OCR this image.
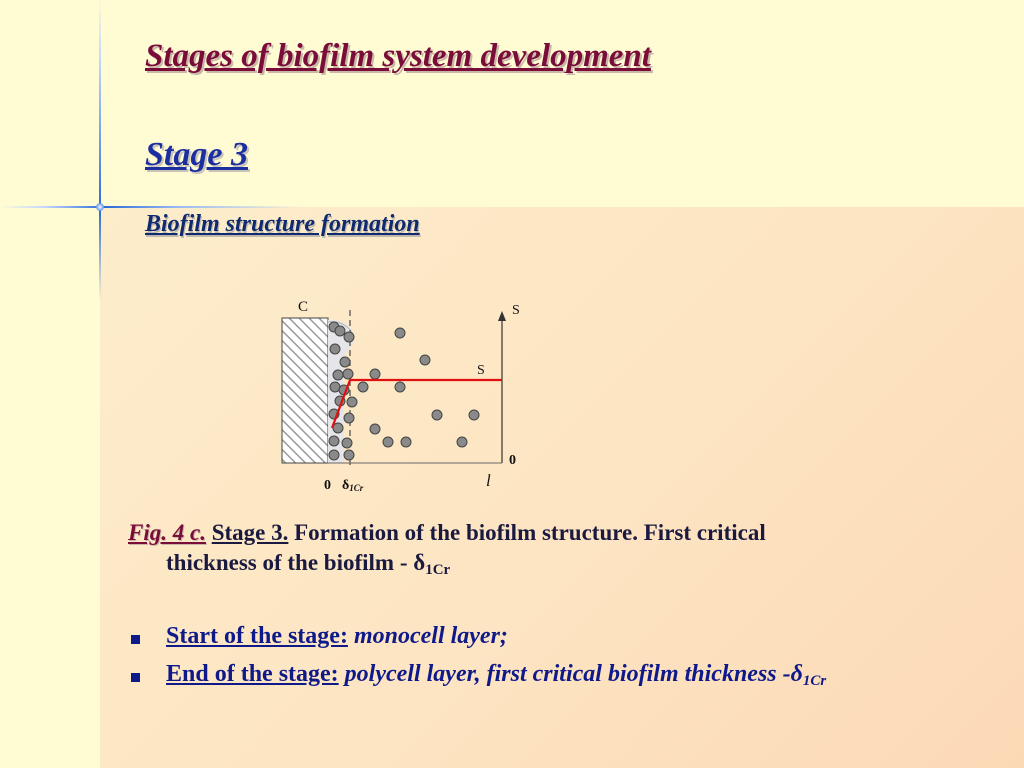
Stages of biofilm system development
Stage 3
Biofilm structure formation
C	S
S
0
l
0 δ1Cr
Fig. 4 c. Stage 3. Formation of the biofilm structure. First critical
thickness of the biofilm - $\delta_{1Cr}$
Start of the stage: monocell layer;
End of the stage: polycell layer, first critical biofilm thickness $-\delta_{1Cr}$
